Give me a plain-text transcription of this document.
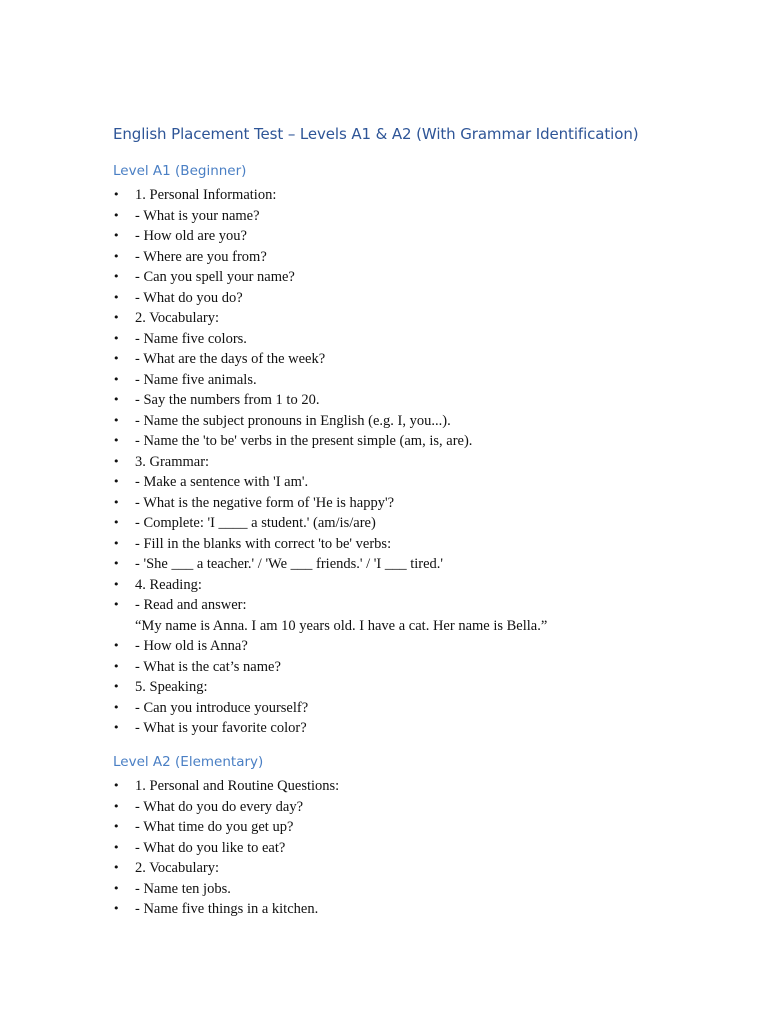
English Placement Test – Levels A1 & A2 (With Grammar Identification)
Level A1 (Beginner)
•	1. Personal Information:
•	- What is your name?
•	- How old are you?
•	- Where are you from?
•	- Can you spell your name?
•	- What do you do?
•	2. Vocabulary:
•	- Name five colors.
•	- What are the days of the week?
•	- Name five animals.
•	- Say the numbers from 1 to 20.
•	- Name the subject pronouns in English (e.g. I, you...).
•	- Name the 'to be' verbs in the present simple (am, is, are).
•	3. Grammar:
•	- Make a sentence with 'I am'.
•	- What is the negative form of 'He is happy'?
•	- Complete: 'I ____ a student.' (am/is/are)
•	- Fill in the blanks with correct 'to be' verbs:
•	- 'She ___ a teacher.' / 'We ___ friends.' / 'I ___ tired.'
•	4. Reading:
•	- Read and answer:
“My name is Anna. I am 10 years old. I have a cat. Her name is Bella.”
•	- How old is Anna?
•	- What is the cat’s name?
•	5. Speaking:
•	- Can you introduce yourself?
•	- What is your favorite color?
Level A2 (Elementary)
•	1. Personal and Routine Questions:
•	- What do you do every day?
•	- What time do you get up?
•	- What do you like to eat?
•	2. Vocabulary:
•	- Name ten jobs.
•	- Name five things in a kitchen.
